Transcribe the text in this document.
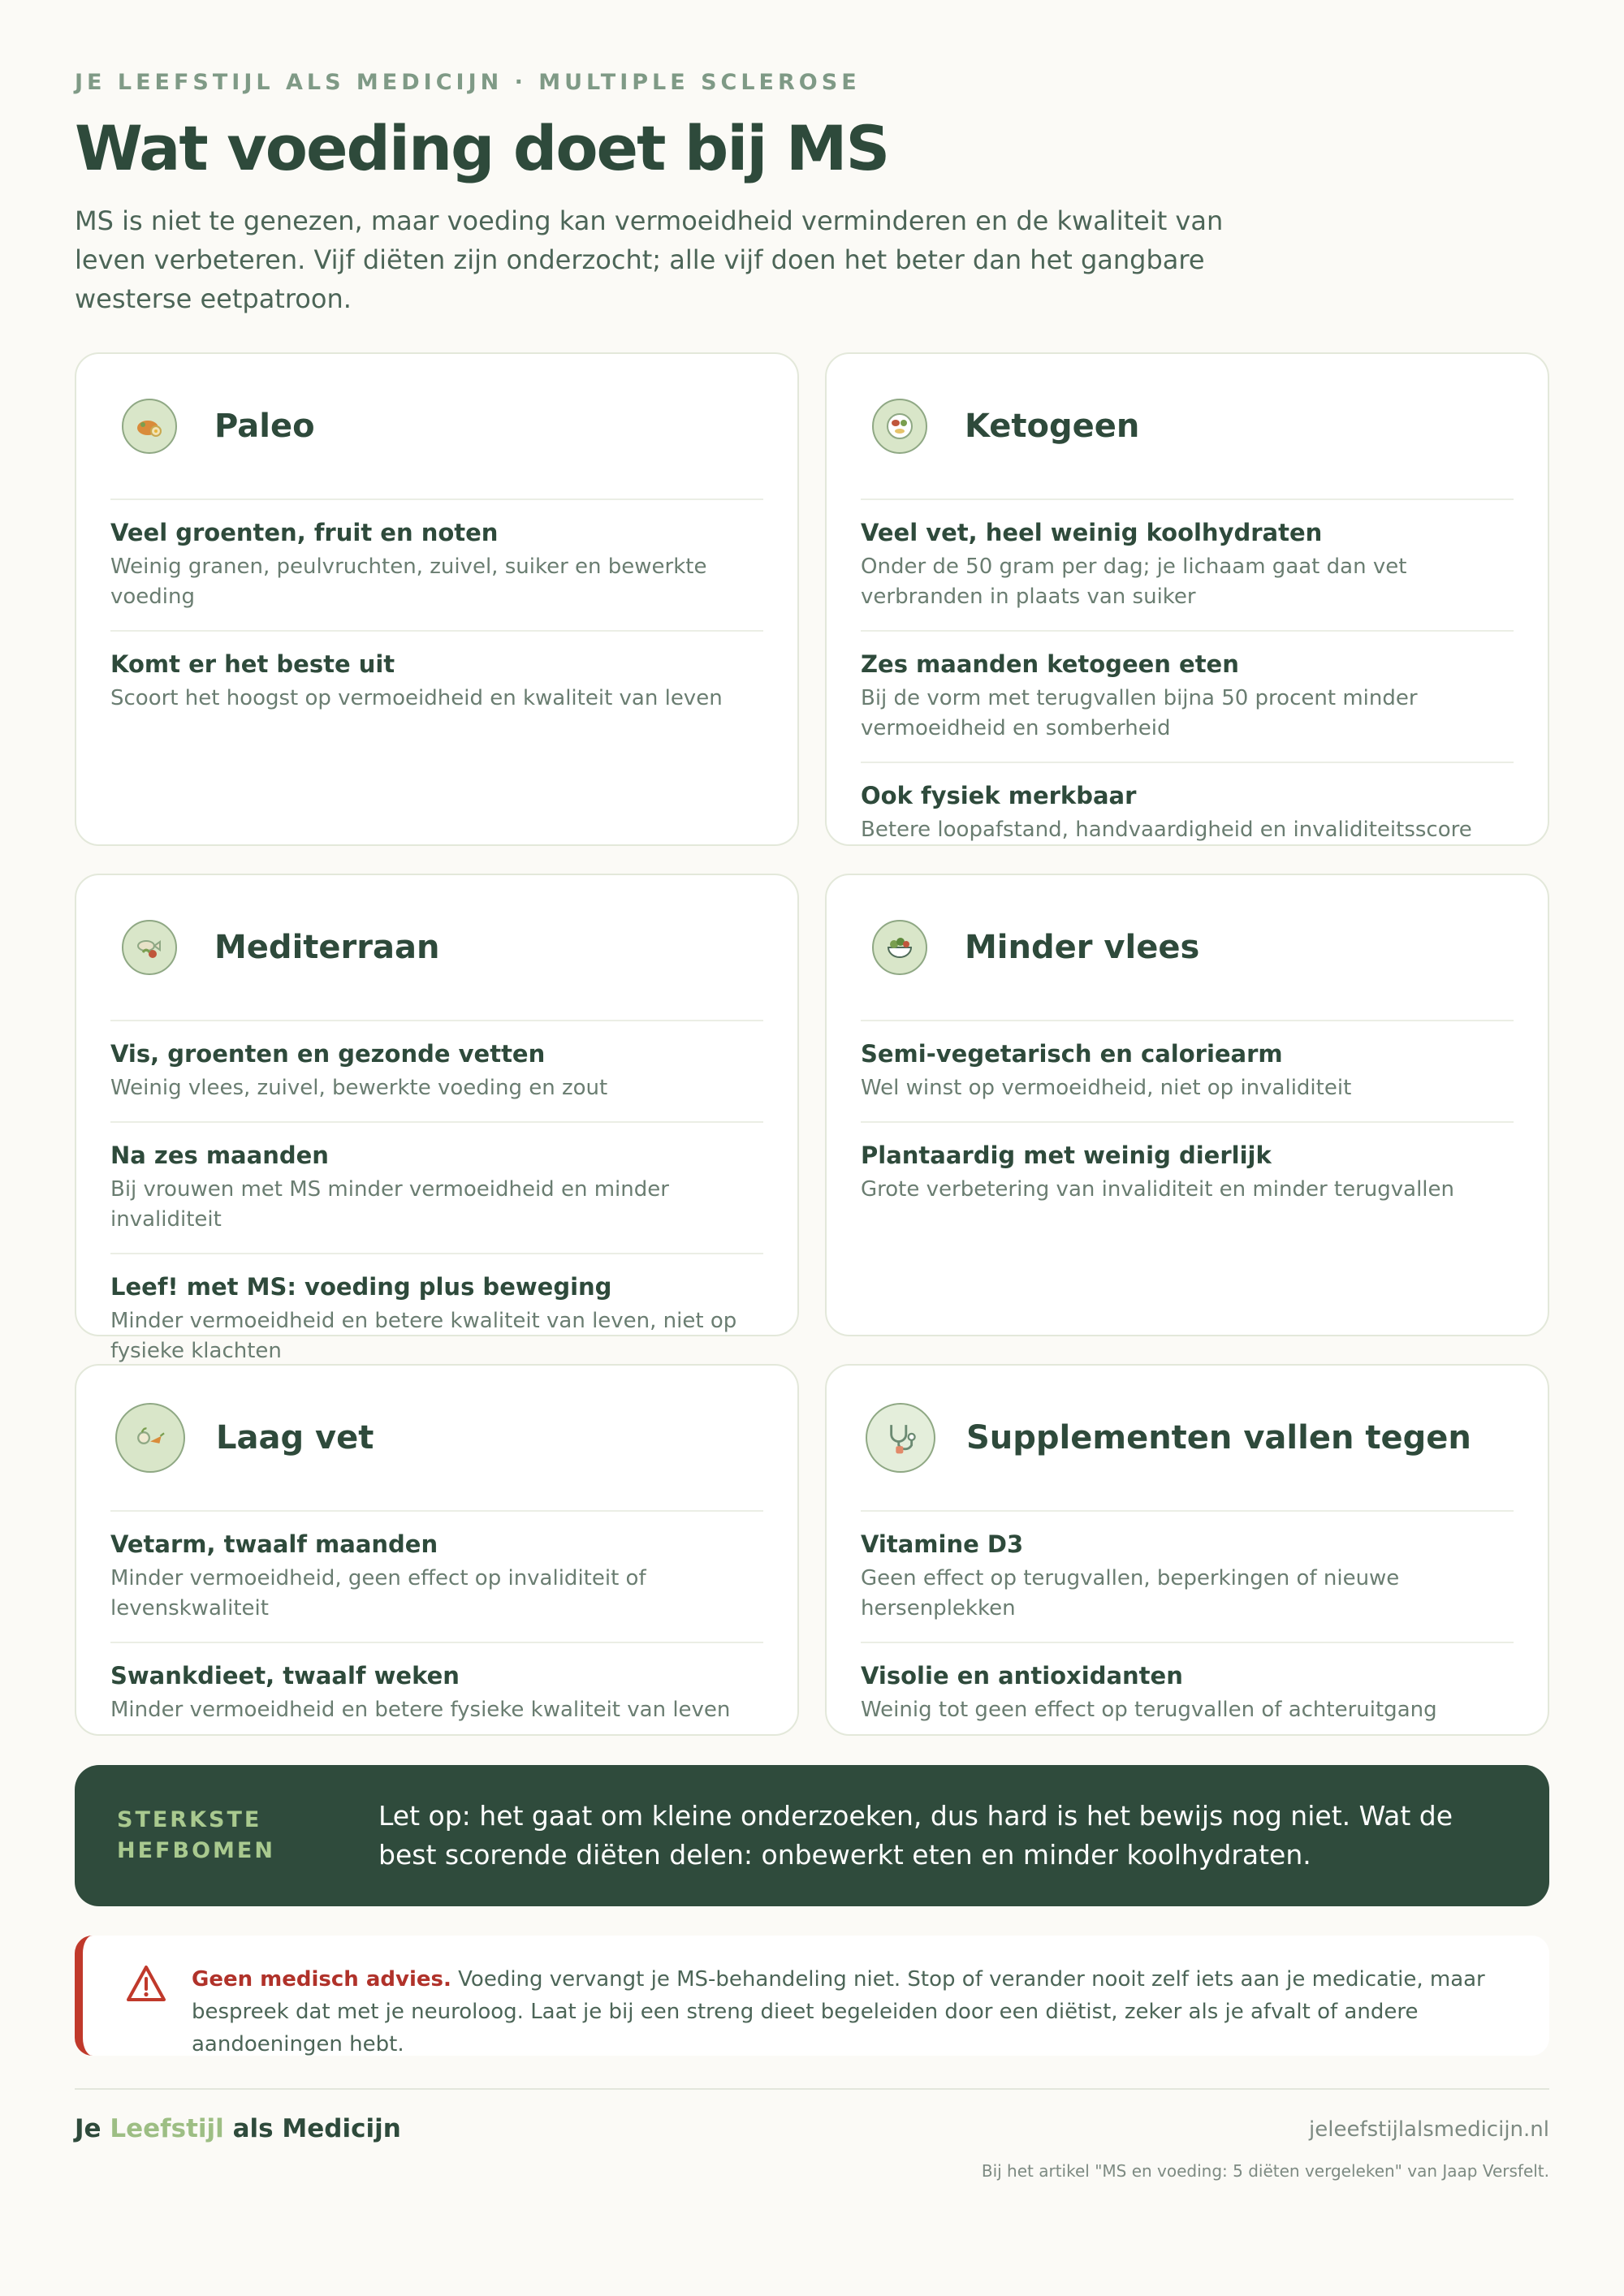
JE LEEFSTIJL ALS MEDICIJN · MULTIPLE SCLEROSE
Wat voeding doet bij MS

MS is niet te genezen, maar voeding kan vermoeidheid verminderen en de kwaliteit van leven verbeteren. Vijf diëten zijn onderzocht; alle vijf doen het beter dan het gangbare westerse eetpatroon.

Paleo
Veel groenten, fruit en noten
Weinig granen, peulvruchten, zuivel, suiker en bewerkte voeding
Komt er het beste uit
Scoort het hoogst op vermoeidheid en kwaliteit van leven
Ketogeen
Veel vet, heel weinig koolhydraten
Onder de 50 gram per dag; je lichaam gaat dan vet verbranden in plaats van suiker
Zes maanden ketogeen eten
Bij de vorm met terugvallen bijna 50 procent minder vermoeidheid en somberheid
Ook fysiek merkbaar
Betere loopafstand, handvaardigheid en invaliditeitsscore
Mediterraan
Vis, groenten en gezonde vetten
Weinig vlees, zuivel, bewerkte voeding en zout
Na zes maanden
Bij vrouwen met MS minder vermoeidheid en minder invaliditeit
Leef! met MS: voeding plus beweging
Minder vermoeidheid en betere kwaliteit van leven, niet op fysieke klachten
Minder vlees
Semi-vegetarisch en caloriearm
Wel winst op vermoeidheid, niet op invaliditeit
Plantaardig met weinig dierlijk
Grote verbetering van invaliditeit en minder terugvallen
Laag vet
Vetarm, twaalf maanden
Minder vermoeidheid, geen effect op invaliditeit of levenskwaliteit
Swankdieet, twaalf weken
Minder vermoeidheid en betere fysieke kwaliteit van leven
Supplementen vallen tegen
Vitamine D3
Geen effect op terugvallen, beperkingen of nieuwe hersenplekken
Visolie en antioxidanten
Weinig tot geen effect op terugvallen of achteruitgang
STERKSTE HEFBOMEN
Let op: het gaat om kleine onderzoeken, dus hard is het bewijs nog niet. Wat de best scorende diëten delen: onbewerkt eten en minder koolhydraten.

Geen medisch advies. Voeding vervangt je MS-behandeling niet. Stop of verander nooit zelf iets aan je medicatie, maar bespreek dat met je neuroloog. Laat je bij een streng dieet begeleiden door een diëtist, zeker als je afvalt of andere aandoeningen hebt.

Je Leefstijl als Medicijn	jeleefstijlalsmedicijn.nl
Bij het artikel "MS en voeding: 5 diëten vergeleken" van Jaap Versfelt.
